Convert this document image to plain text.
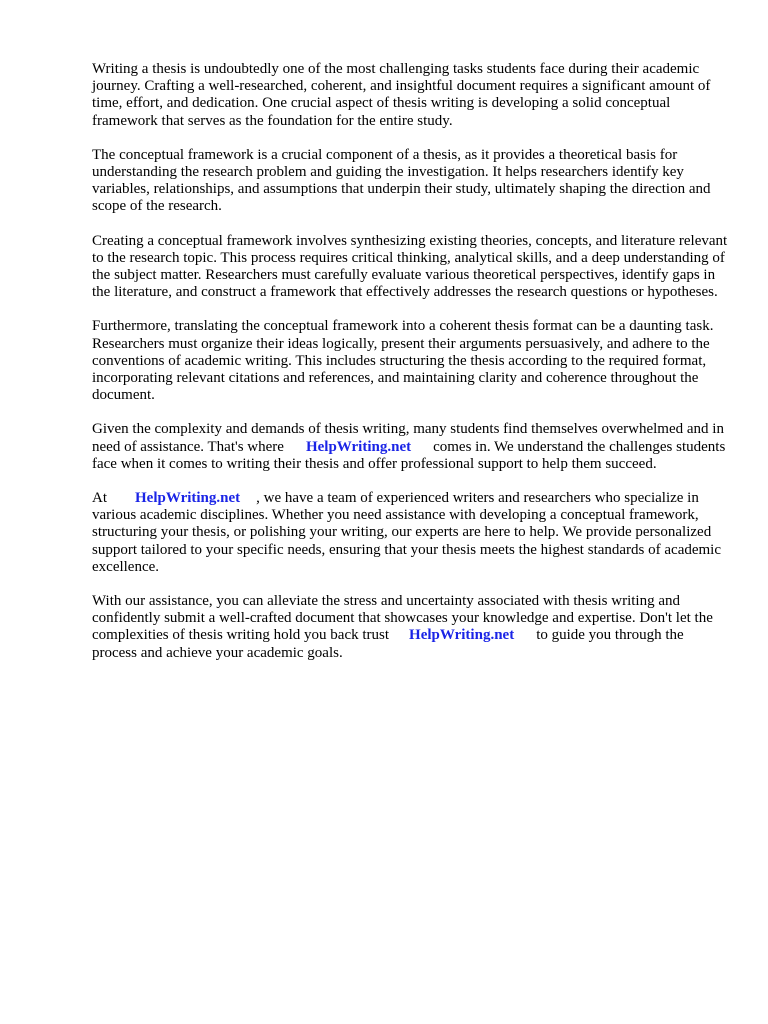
Writing a thesis is undoubtedly one of the most challenging tasks students face during their academic journey. Crafting a well-researched, coherent, and insightful document requires a significant amount of time, effort, and dedication. One crucial aspect of thesis writing is developing a solid conceptual framework that serves as the foundation for the entire study.

The conceptual framework is a crucial component of a thesis, as it provides a theoretical basis for understanding the research problem and guiding the investigation. It helps researchers identify key variables, relationships, and assumptions that underpin their study, ultimately shaping the direction and scope of the research.

Creating a conceptual framework involves synthesizing existing theories, concepts, and literature relevant to the research topic. This process requires critical thinking, analytical skills, and a deep understanding of the subject matter. Researchers must carefully evaluate various theoretical perspectives, identify gaps in the literature, and construct a framework that effectively addresses the research questions or hypotheses.

Furthermore, translating the conceptual framework into a coherent thesis format can be a daunting task. Researchers must organize their ideas logically, present their arguments persuasively, and adhere to the conventions of academic writing. This includes structuring the thesis according to the required format, incorporating relevant citations and references, and maintaining clarity and coherence throughout the document.

Given the complexity and demands of thesis writing, many students find themselves overwhelmed and in need of assistance. That's where HelpWriting.net comes in. We understand the challenges students face when it comes to writing their thesis and offer professional support to help them succeed.

At HelpWriting.net , we have a team of experienced writers and researchers who specialize in various academic disciplines. Whether you need assistance with developing a conceptual framework, structuring your thesis, or polishing your writing, our experts are here to help. We provide personalized support tailored to your specific needs, ensuring that your thesis meets the highest standards of academic excellence.

With our assistance, you can alleviate the stress and uncertainty associated with thesis writing and confidently submit a well-crafted document that showcases your knowledge and expertise. Don't let the complexities of thesis writing hold you back trust HelpWriting.net to guide you through the process and achieve your academic goals.
